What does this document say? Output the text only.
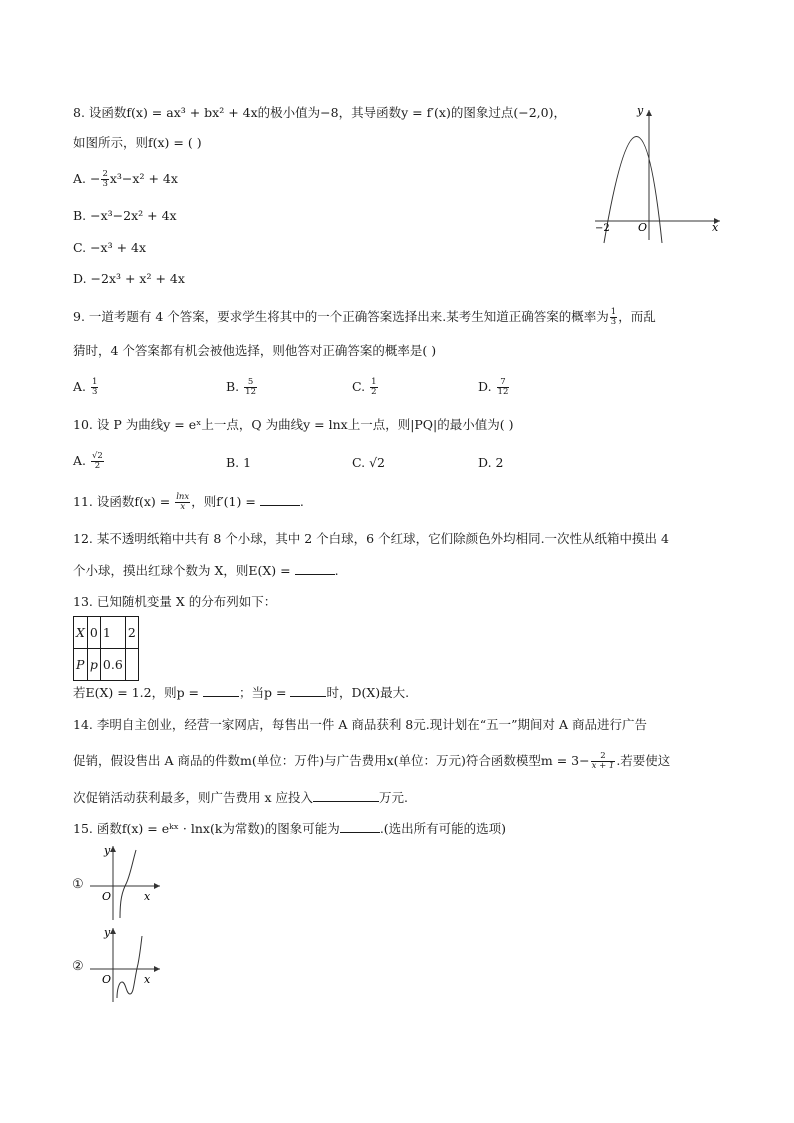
8. 设函数f(x) = ax³ + bx² + 4x的极小值为−8，其导函数y = f′(x)的图象过点(−2,0)，
如图所示，则f(x) = ( )
A. − $\frac{2}{3} x^3-x^2 + 4x$
B. −x³−2x² + 4x
C. −x³ + 4x
D. −2x³ + x² + 4x
y
x
O
−2
9. 一道考题有 4 个答案，要求学生将其中的一个正确答案选择出来.某考生知道正确答案的概率为 $\frac{1}{3}$ ，而乱
猜时，4 个答案都有机会被他选择，则他答对正确答案的概率是( )
A. $\frac{1}{3}$	B. $\frac{5}{12}$	C. $\frac{1}{2}$	D. $\frac{7}{12}$
10. 设 P 为曲线y = eˣ上一点，Q 为曲线y = lnx上一点，则|PQ|的最小值为( )
A. $\frac{√2}{2}$	B. 1	C. √2	D. 2
11. 设函数$f(x) = \frac{\ln x}{x}$ ，则f′(1) =	.
12. 某不透明纸箱中共有 8 个小球，其中 2 个白球，6 个红球，它们除颜色外均相同.一次性从纸箱中摸出 4
个小球，摸出红球个数为 X，则E(X) =	.
13. 已知随机变量 X 的分布列如下：
X	0	1	2
P	p	0.6	
若E(X) = 1.2，则p =	；当p =	时，D(X)最大.
14. 李明自主创业，经营一家网店，每售出一件 A 商品获利 8元.现计划在“五一”期间对 A 商品进行广告
促销，假设售出 A 商品的件数m(单位：万件)与广告费用x(单位：万元)符合函数模型$m = 3- \frac{2}{x + 1}$ .若要使这
次促销活动获利最多，则广告费用 x 应投入	万元.
15. 函数f(x) = eᵏˣ · lnx(k为常数)的图象可能为	.(选出所有可能的选项)
①
y
x
O
②
y
x
O
